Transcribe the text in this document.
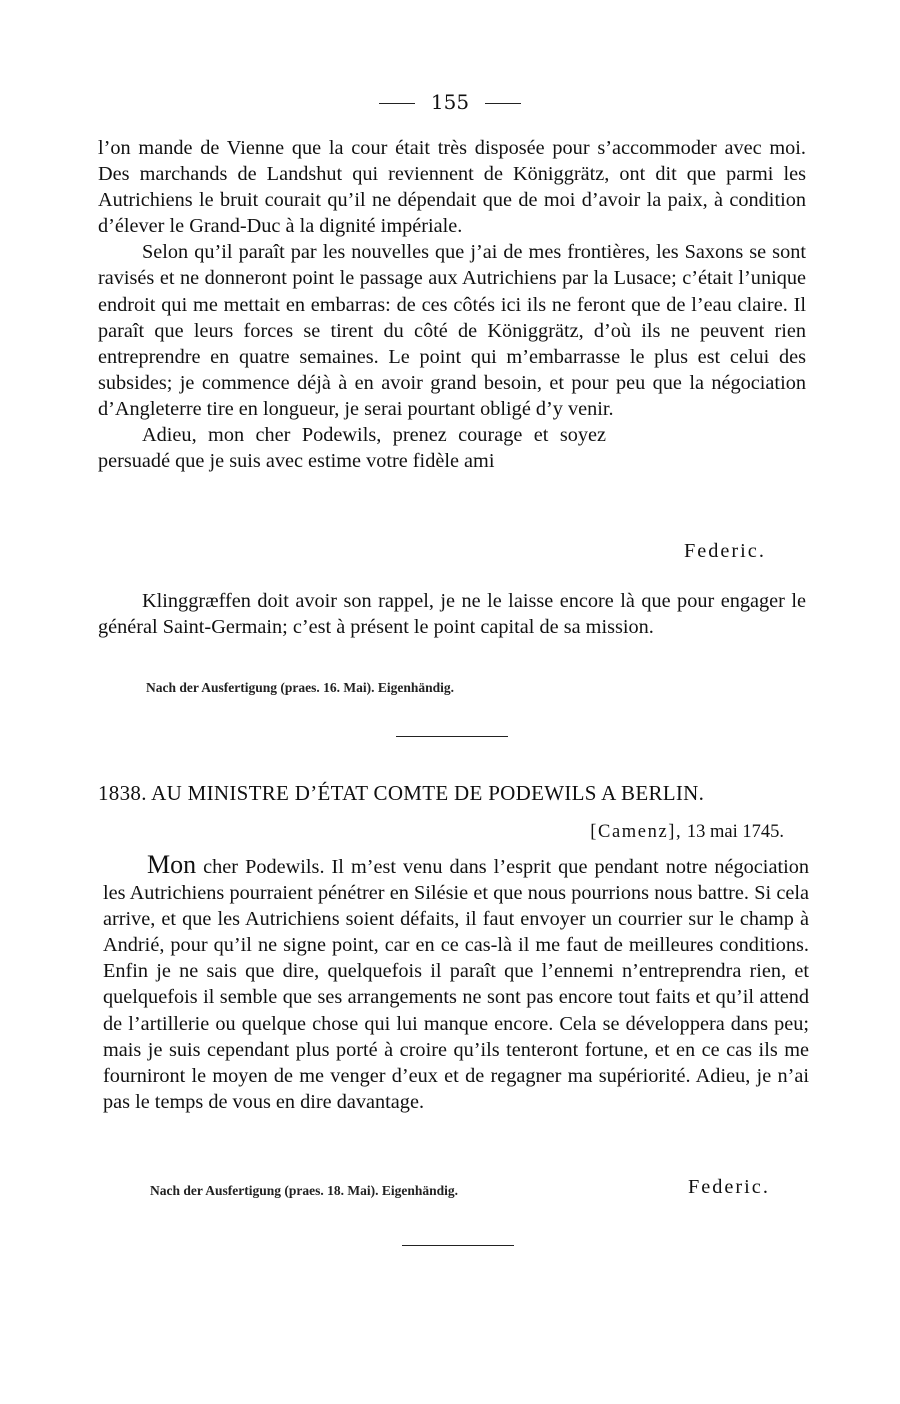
155

l’on mande de Vienne que la cour était très disposée pour s’accommoder avec moi. Des marchands de Landshut qui reviennent de Königgrätz, ont dit que parmi les Autrichiens le bruit courait qu’il ne dépendait que de moi d’avoir la paix, à condition d’élever le Grand-Duc à la dignité impériale.

Selon qu’il paraît par les nouvelles que j’ai de mes frontières, les Saxons se sont ravisés et ne donneront point le passage aux Autrichiens par la Lusace; c’était l’unique endroit qui me mettait en embarras: de ces côtés ici ils ne feront que de l’eau claire. Il paraît que leurs forces se tirent du côté de Königgrätz, d’où ils ne peuvent rien entreprendre en quatre semaines. Le point qui m’embarrasse le plus est celui des subsides; je commence déjà à en avoir grand besoin, et pour peu que la négociation d’Angleterre tire en longueur, je serai pourtant obligé d’y venir.

Adieu, mon cher Podewils, prenez courage et soyez persuadé que je suis avec estime votre fidèle ami

Federic.

Klinggræffen doit avoir son rappel, je ne le laisse encore là que pour engager le général Saint-Germain; c’est à présent le point capital de sa mission.

Nach der Ausfertigung (praes. 16. Mai). Eigenhändig.
1838. AU MINISTRE D’ÉTAT COMTE DE PODEWILS A BERLIN.
[Camenz], 13 mai 1745.

Mon cher Podewils. Il m’est venu dans l’esprit que pendant notre négociation les Autrichiens pourraient pénétrer en Silésie et que nous pourrions nous battre. Si cela arrive, et que les Autrichiens soient défaits, il faut envoyer un courrier sur le champ à Andrié, pour qu’il ne signe point, car en ce cas-là il me faut de meilleures conditions. Enfin je ne sais que dire, quelquefois il paraît que l’ennemi n’entreprendra rien, et quelquefois il semble que ses arrangements ne sont pas encore tout faits et qu’il attend de l’artillerie ou quelque chose qui lui manque encore. Cela se développera dans peu; mais je suis cependant plus porté à croire qu’ils tenteront fortune, et en ce cas ils me fourniront le moyen de me venger d’eux et de regagner ma supériorité. Adieu, je n’ai pas le temps de vous en dire davantage.

Nach der Ausfertigung (praes. 18. Mai). Eigenhändig.	Federic.
